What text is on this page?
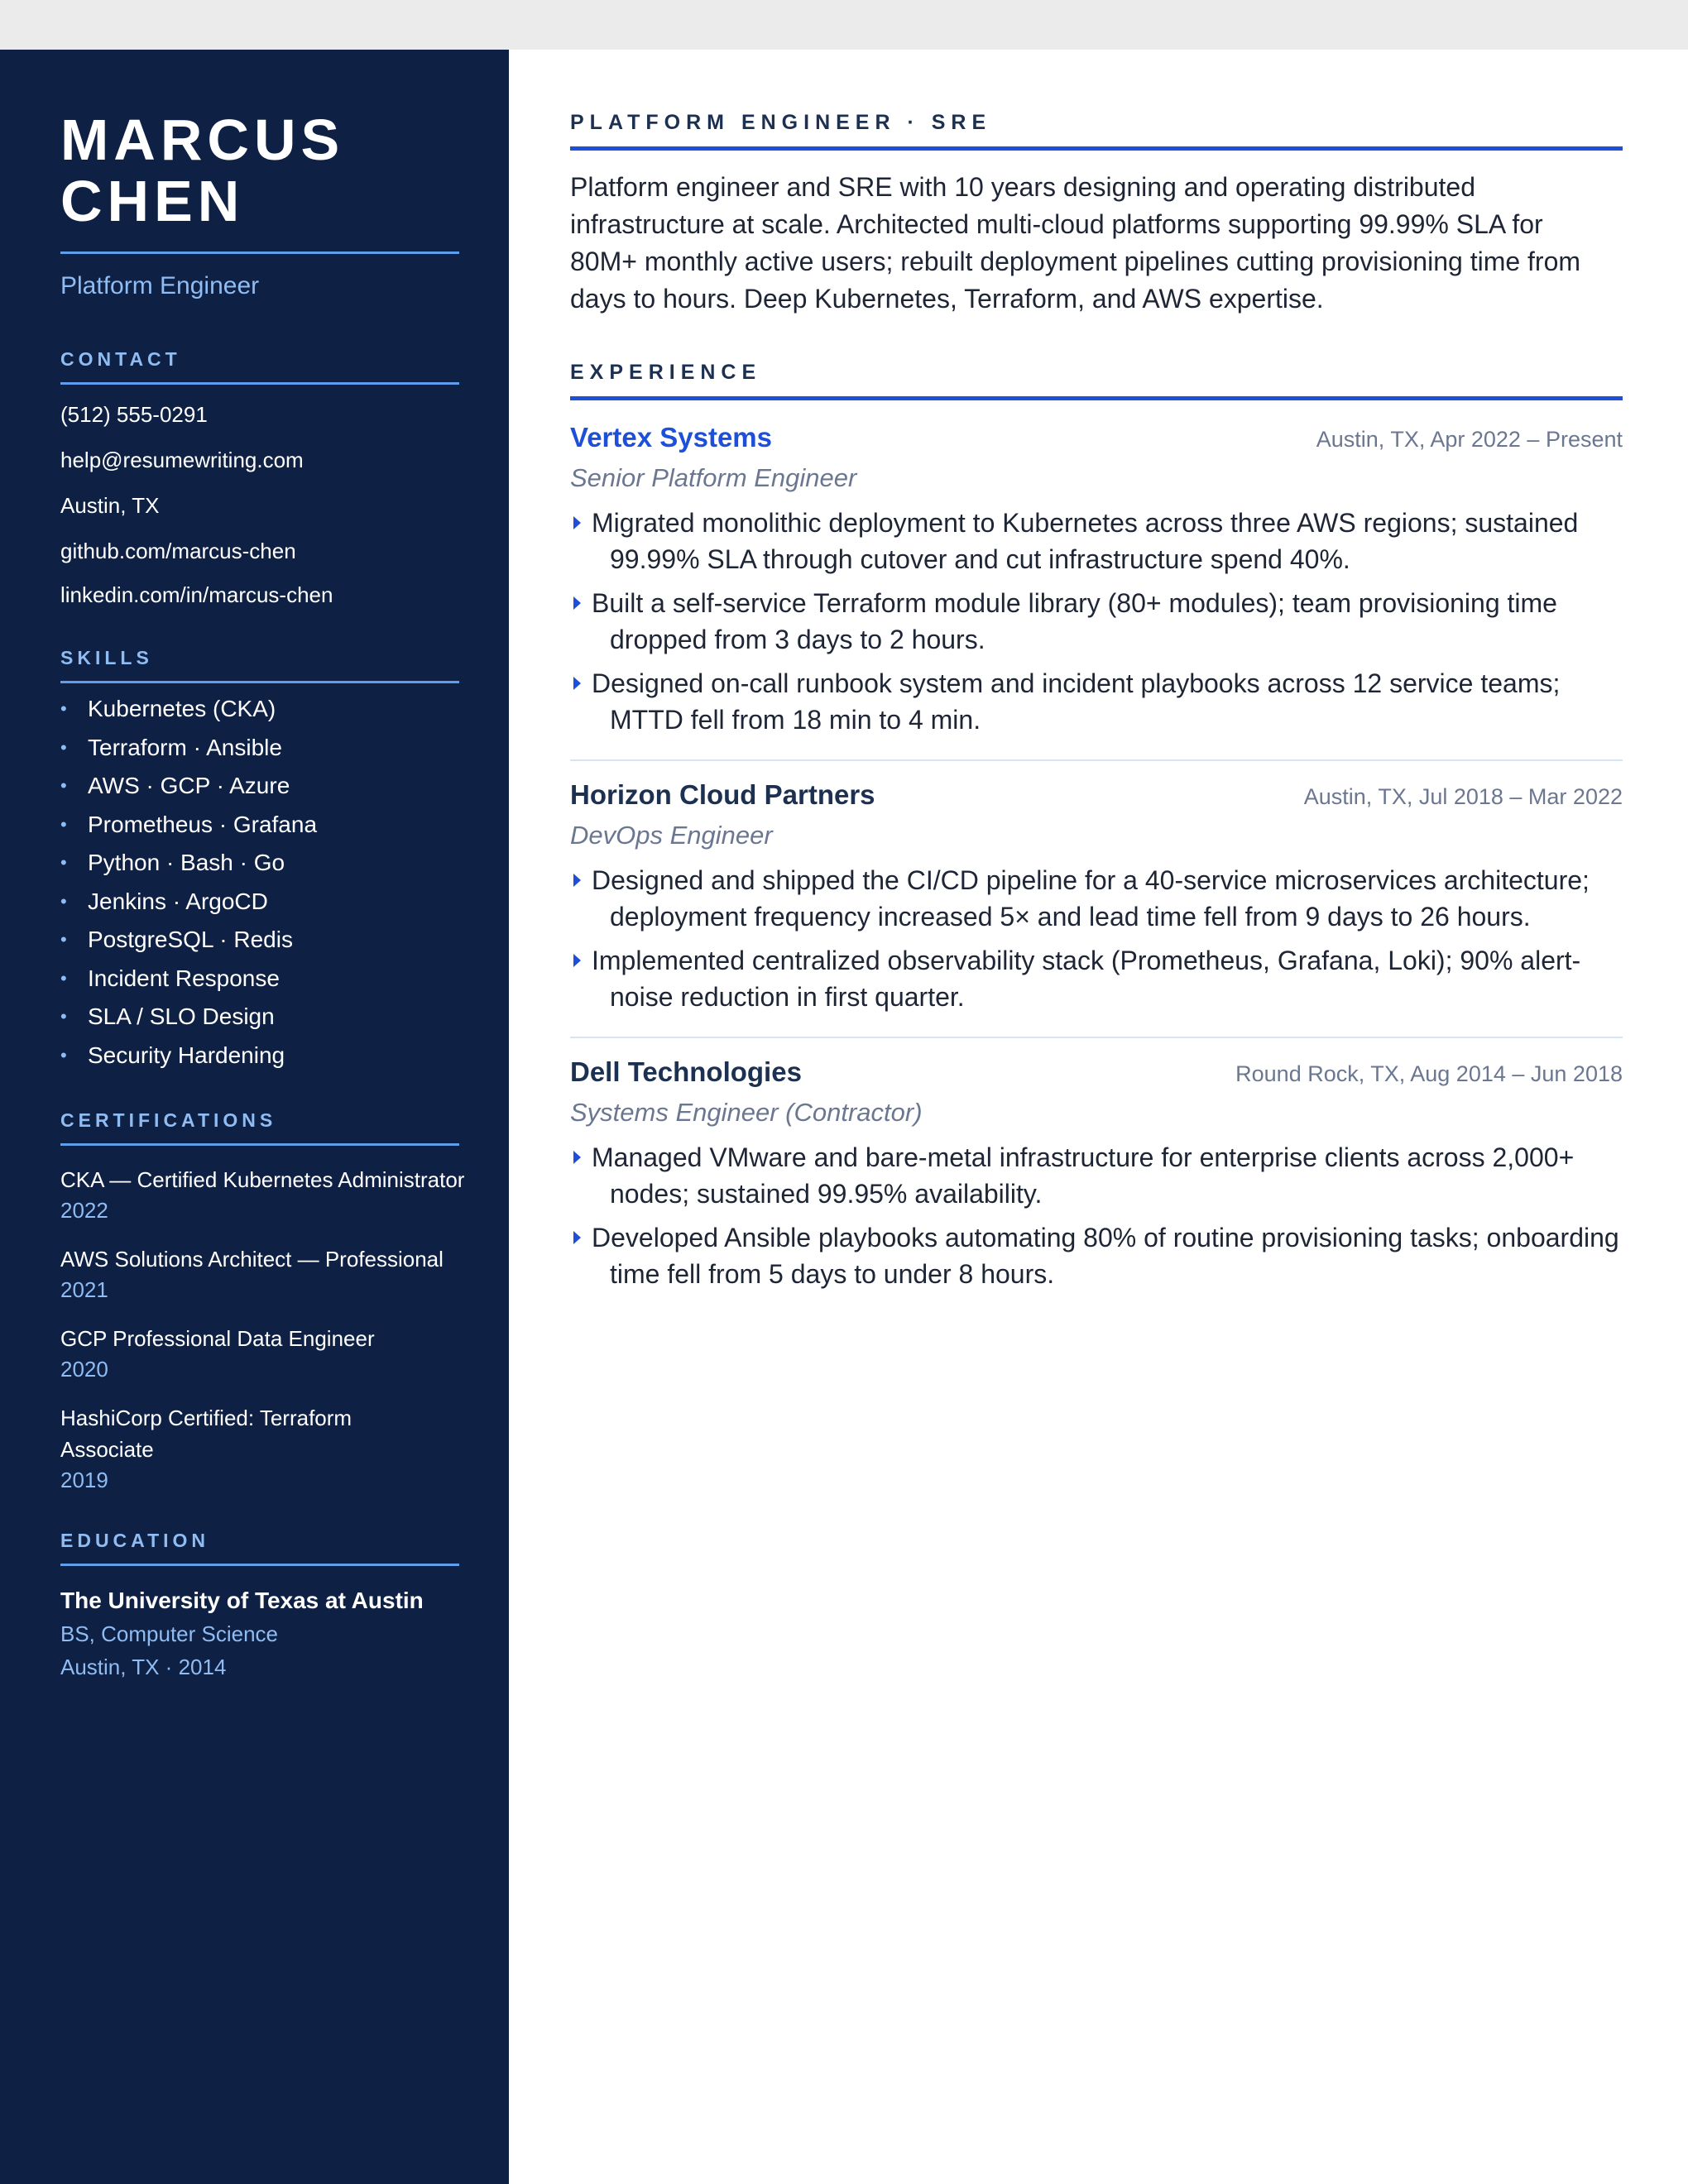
MARCUS
CHEN
Platform Engineer
CONTACT
(512) 555-0291
help@resumewriting.com
Austin, TX
github.com/marcus-chen
linkedin.com/in/marcus-chen
SKILLS
• Kubernetes (CKA)
• Terraform · Ansible
• AWS · GCP · Azure
• Prometheus · Grafana
• Python · Bash · Go
• Jenkins · ArgoCD
• PostgreSQL · Redis
• Incident Response
• SLA / SLO Design
• Security Hardening
CERTIFICATIONS
CKA — Certified Kubernetes Administrator
2022
AWS Solutions Architect — Professional
2021
GCP Professional Data Engineer
2020
HashiCorp Certified: Terraform Associate
2019
EDUCATION
The University of Texas at Austin
BS, Computer Science
Austin, TX · 2014
PLATFORM ENGINEER · SRE
Platform engineer and SRE with 10 years designing and operating distributed infrastructure at scale. Architected multi-cloud platforms supporting 99.99% SLA for 80M+ monthly active users; rebuilt deployment pipelines cutting provisioning time from days to hours. Deep Kubernetes, Terraform, and AWS expertise.
EXPERIENCE
Vertex Systems	Austin, TX, Apr 2022 – Present
Senior Platform Engineer
Migrated monolithic deployment to Kubernetes across three AWS regions; sustained
99.99% SLA through cutover and cut infrastructure spend 40%.
Built a self-service Terraform module library (80+ modules); team provisioning time
dropped from 3 days to 2 hours.
Designed on-call runbook system and incident playbooks across 12 service teams;
MTTD fell from 18 min to 4 min.
Horizon Cloud Partners	Austin, TX, Jul 2018 – Mar 2022
DevOps Engineer
Designed and shipped the CI/CD pipeline for a 40-service microservices architecture;
deployment frequency increased 5× and lead time fell from 9 days to 26 hours.
Implemented centralized observability stack (Prometheus, Grafana, Loki); 90% alert-
noise reduction in first quarter.
Dell Technologies	Round Rock, TX, Aug 2014 – Jun 2018
Systems Engineer (Contractor)
Managed VMware and bare-metal infrastructure for enterprise clients across 2,000+
nodes; sustained 99.95% availability.
Developed Ansible playbooks automating 80% of routine provisioning tasks; onboarding
time fell from 5 days to under 8 hours.
